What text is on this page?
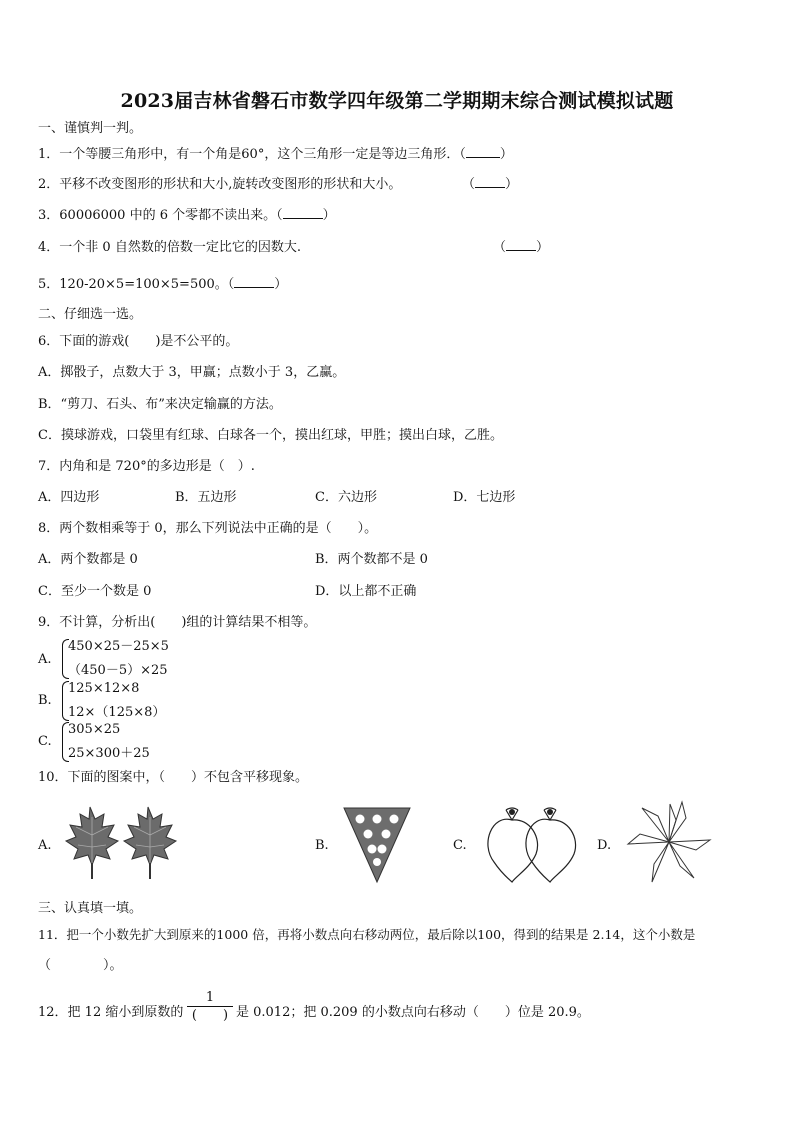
2023届吉林省磐石市数学四年级第二学期期末综合测试模拟试题
一、谨慎判一判。
1．一个等腰三角形中，有一个角是60°，这个三角形一定是等边三角形．（	）
2．平移不改变图形的形状和大小,旋转改变图形的形状和大小。	（ ）
3．60006000 中的 6 个零都不读出来。（	）
4．一个非 0 自然数的倍数一定比它的因数大.	（ ）
5．120-20×5=100×5=500。（	）
二、仔细选一选。
6．下面的游戏(　　)是不公平的。
A．掷骰子，点数大于 3，甲赢；点数小于 3，乙赢。
B．“剪刀、石头、布”来决定输赢的方法。
C．摸球游戏，口袋里有红球、白球各一个，摸出红球，甲胜；摸出白球，乙胜。
7．内角和是 720°的多边形是（　）.
A．四边形	B．五边形	C．六边形	D．七边形
8．两个数相乘等于 0，那么下列说法中正确的是（　　）。
A．两个数都是 0	B．两个数都不是 0
C．至少一个数是 0	D．以上都不正确
9．不计算，分析出(　　)组的计算结果不相等。
A.
450×25－25×5
（450－5）×25
B.
125×12×8
12×（125×8）
C.
305×25
25×300＋25
10．下面的图案中，（　　）不包含平移现象。
A.	B.	C.	D.
三、认真填一填。
11．把一个小数先扩大到原来的1000 倍，再将小数点向右移动两位，最后除以100，得到的结果是 2.14，这个小数是
（　　　　）。
12．把 12 缩小到原数的
1
(　　) 是 0.012；把 0.209 的小数点向右移动（　　）位是 20.9。
